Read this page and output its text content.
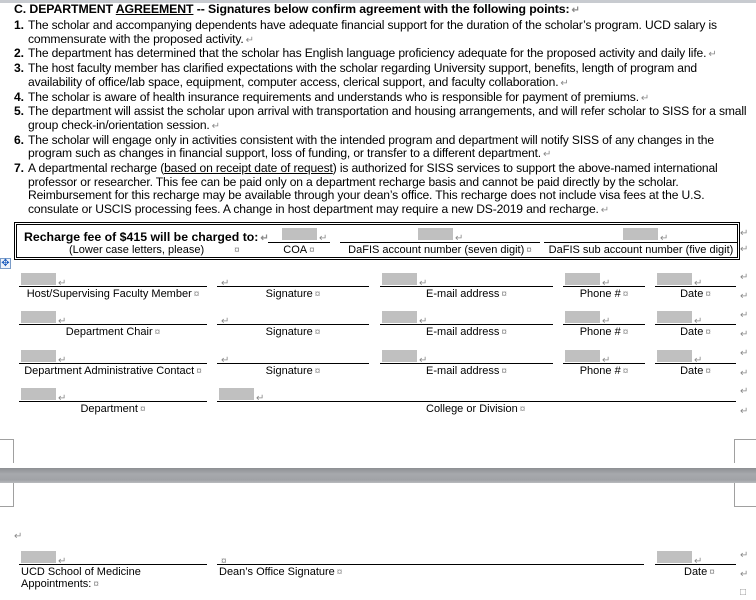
C. DEPARTMENT AGREEMENT -- Signatures below confirm agreement with the following points: ↵
1. The scholar and accompanying dependents have adequate financial support for the duration of the scholar’s program. UCD salary is commensurate with the proposed activity. ↵
2. The department has determined that the scholar has English language proficiency adequate for the proposed activity and daily life. ↵
3. The host faculty member has clarified expectations with the scholar regarding University support, benefits, length of program and availability of office/lab space, equipment, computer access, clerical support, and faculty collaboration. ↵
4. The scholar is aware of health insurance requirements and understands who is responsible for payment of premiums. ↵
5. The department will assist the scholar upon arrival with transportation and housing arrangements, and will refer scholar to SISS for a small group check-in/orientation session. ↵
6. The scholar will engage only in activities consistent with the intended program and department will notify SISS of any changes in the program such as changes in financial support, loss of funding, or transfer to a different department. ↵
7. A departmental recharge (based on receipt date of request) is authorized for SISS services to support the above-named international professor or researcher. This fee can be paid only on a department recharge basis and cannot be paid directly by the scholar. Reimbursement for this recharge may be available through your dean’s office. This recharge does not include visa fees at the U.S. consulate or USCIS processing fees. A change in host department may require a new DS-2019 and recharge. ↵
Recharge fee of $415 will be charged to: ↵
(Lower case letters, please)	¤
↵
COA ¤
↵
DaFIS account number (seven digit) ¤
↵
DaFIS sub account number (five digit)
↵
↵
✥
↵
Host/Supervising Faculty Member ¤
↵
Signature ¤
↵
E-mail address ¤
↵
Phone # ¤
↵
Date ¤
↵
↵
↵
Department Chair ¤
↵
Signature ¤
↵
E-mail address ¤
↵
Phone # ¤
↵
Date ¤
↵
↵
↵
Department Administrative Contact ¤
↵
Signature ¤
↵
E-mail address ¤
↵
Phone # ¤
↵
Date ¤
↵
↵
↵
Department ¤
↵
College or Division ¤
↵
↵
↵
↵
UCD School of Medicine
Appointments: ¤
¤
Dean’s Office Signature ¤
↵
Date ¤
↵
↵
□
